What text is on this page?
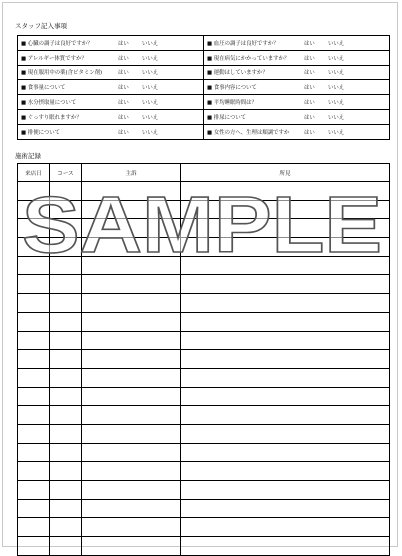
スタッフ記入事項
■ 心臓の調子は良好ですか？	はい	いいえ	■ 血圧の調子は良好ですか？	はい	いいえ
■ アレルギー体質ですか？	はい	いいえ	■ 現在病気にかかっていますか？	はい	いいえ
■ 現在服用中の薬(含ビタミン剤)	はい	いいえ	■ 運動はしていますか？	はい	いいえ
■ 食事量について	はい	いいえ	■ 食事内容について	はい	いいえ
■ 水分摂取量について	はい	いいえ	■ 平均睡眠時間は？	はい	いいえ
■ ぐっすり眠れますか？	はい	いいえ	■ 排尿について	はい	いいえ
■ 排便について	はい	いいえ	■ 女性の方へ、生理は順調ですか	はい	いいえ
施術記録
来店日	コース	主訴	所見

SAMPLE
